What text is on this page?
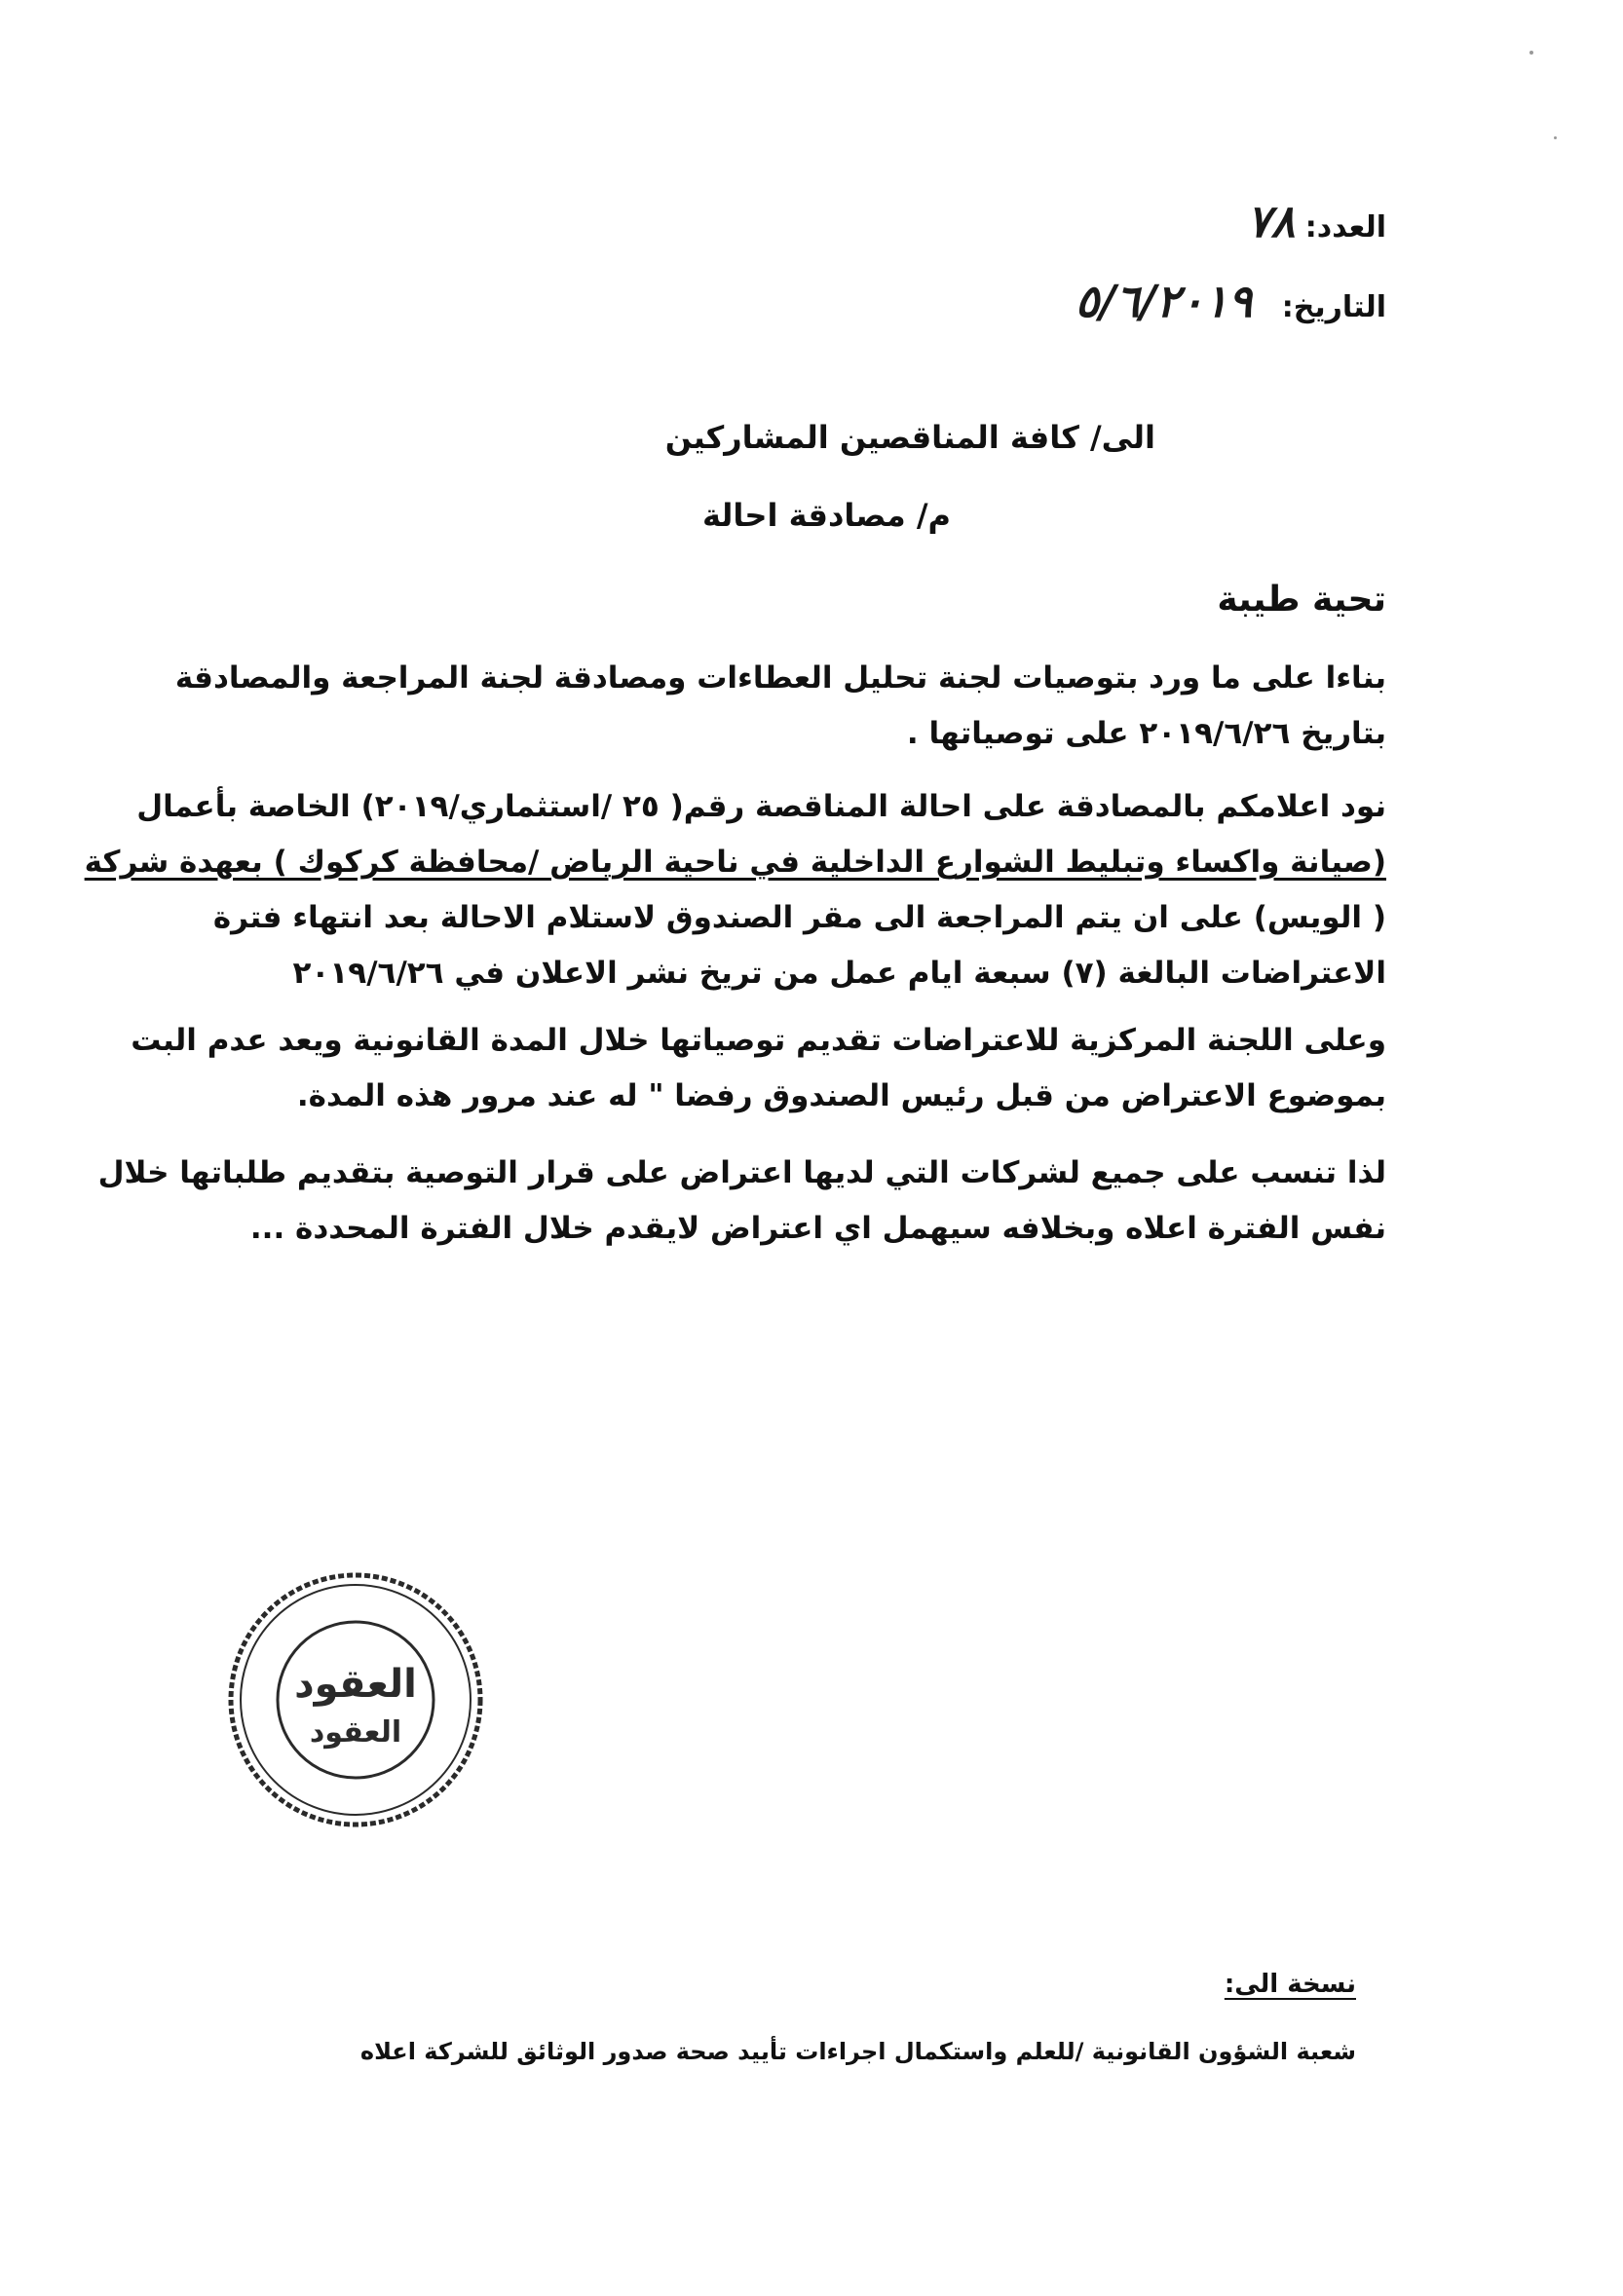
العدد: ٧٨
التاريخ: ٥/٦/٢٠١٩
الى/ كافة المناقصين المشاركين
م/ مصادقة احالة
تحية طيبة
بناءا على ما ورد بتوصيات لجنة تحليل العطاءات ومصادقة لجنة المراجعة والمصادقة
بتاريخ ٢٠١٩/٦/٢٦ على توصياتها .
نود اعلامكم بالمصادقة على احالة المناقصة رقم( ٢٥ /استثماري/٢٠١٩) الخاصة بأعمال
(صيانة واكساء وتبليط الشوارع الداخلية في ناحية الرياض /محافظة كركوك ) بعهدة شركة
( الويس) على ان يتم المراجعة الى مقر الصندوق لاستلام الاحالة بعد انتهاء فترة
الاعتراضات البالغة (٧) سبعة ايام عمل من تريخ نشر الاعلان في ٢٠١٩/٦/٢٦
وعلى اللجنة المركزية للاعتراضات تقديم توصياتها خلال المدة القانونية ويعد عدم البت
بموضوع الاعتراض من قبل رئيس الصندوق رفضا " له عند مرور هذه المدة.
لذا تنسب على جميع لشركات التي لديها اعتراض على قرار التوصية بتقديم طلباتها خلال
نفس الفترة اعلاه وبخلافه سيهمل اي اعتراض لايقدم خلال الفترة المحددة ...
العقود
العقود
نسخة الى:
شعبة الشؤون القانونية /للعلم واستكمال اجراءات تأييد صحة صدور الوثائق للشركة اعلاه
